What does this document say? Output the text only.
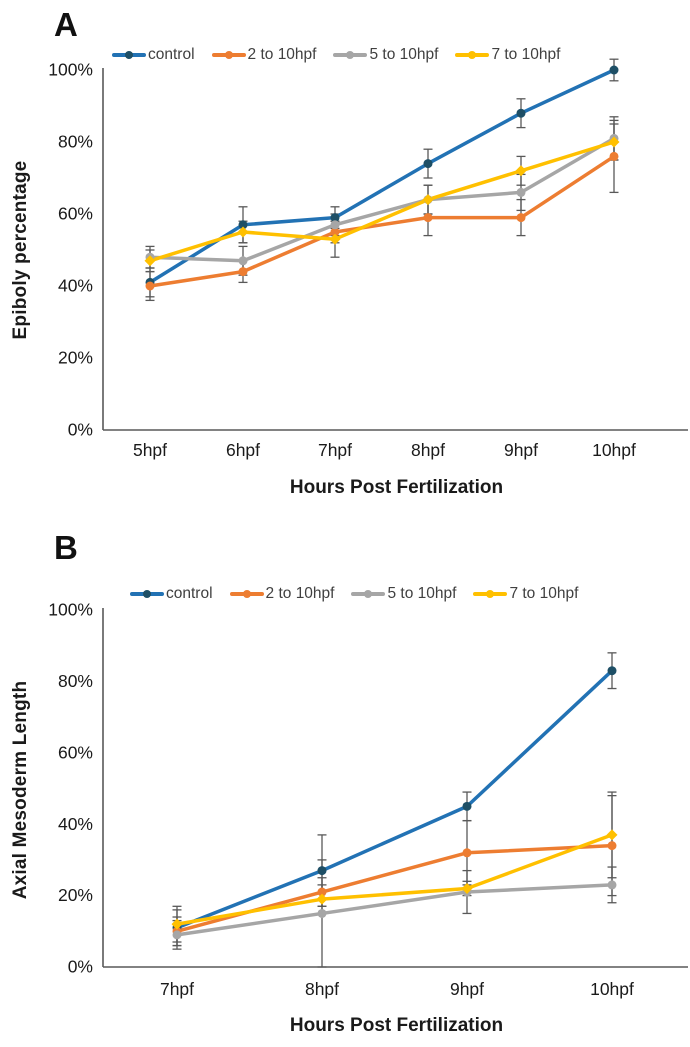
A
control	2 to 10hpf	5 to 10hpf	7 to 10hpf
Epiboly percentage
0%
20%
40%
60%
80%
100%
5hpf	6hpf	7hpf	8hpf	9hpf	10hpf
Hours Post Fertilization
B
control	2 to 10hpf	5 to 10hpf	7 to 10hpf
Axial Mesoderm Length
0%
20%
40%
60%
80%
100%
7hpf	8hpf	9hpf	10hpf
Hours Post Fertilization
